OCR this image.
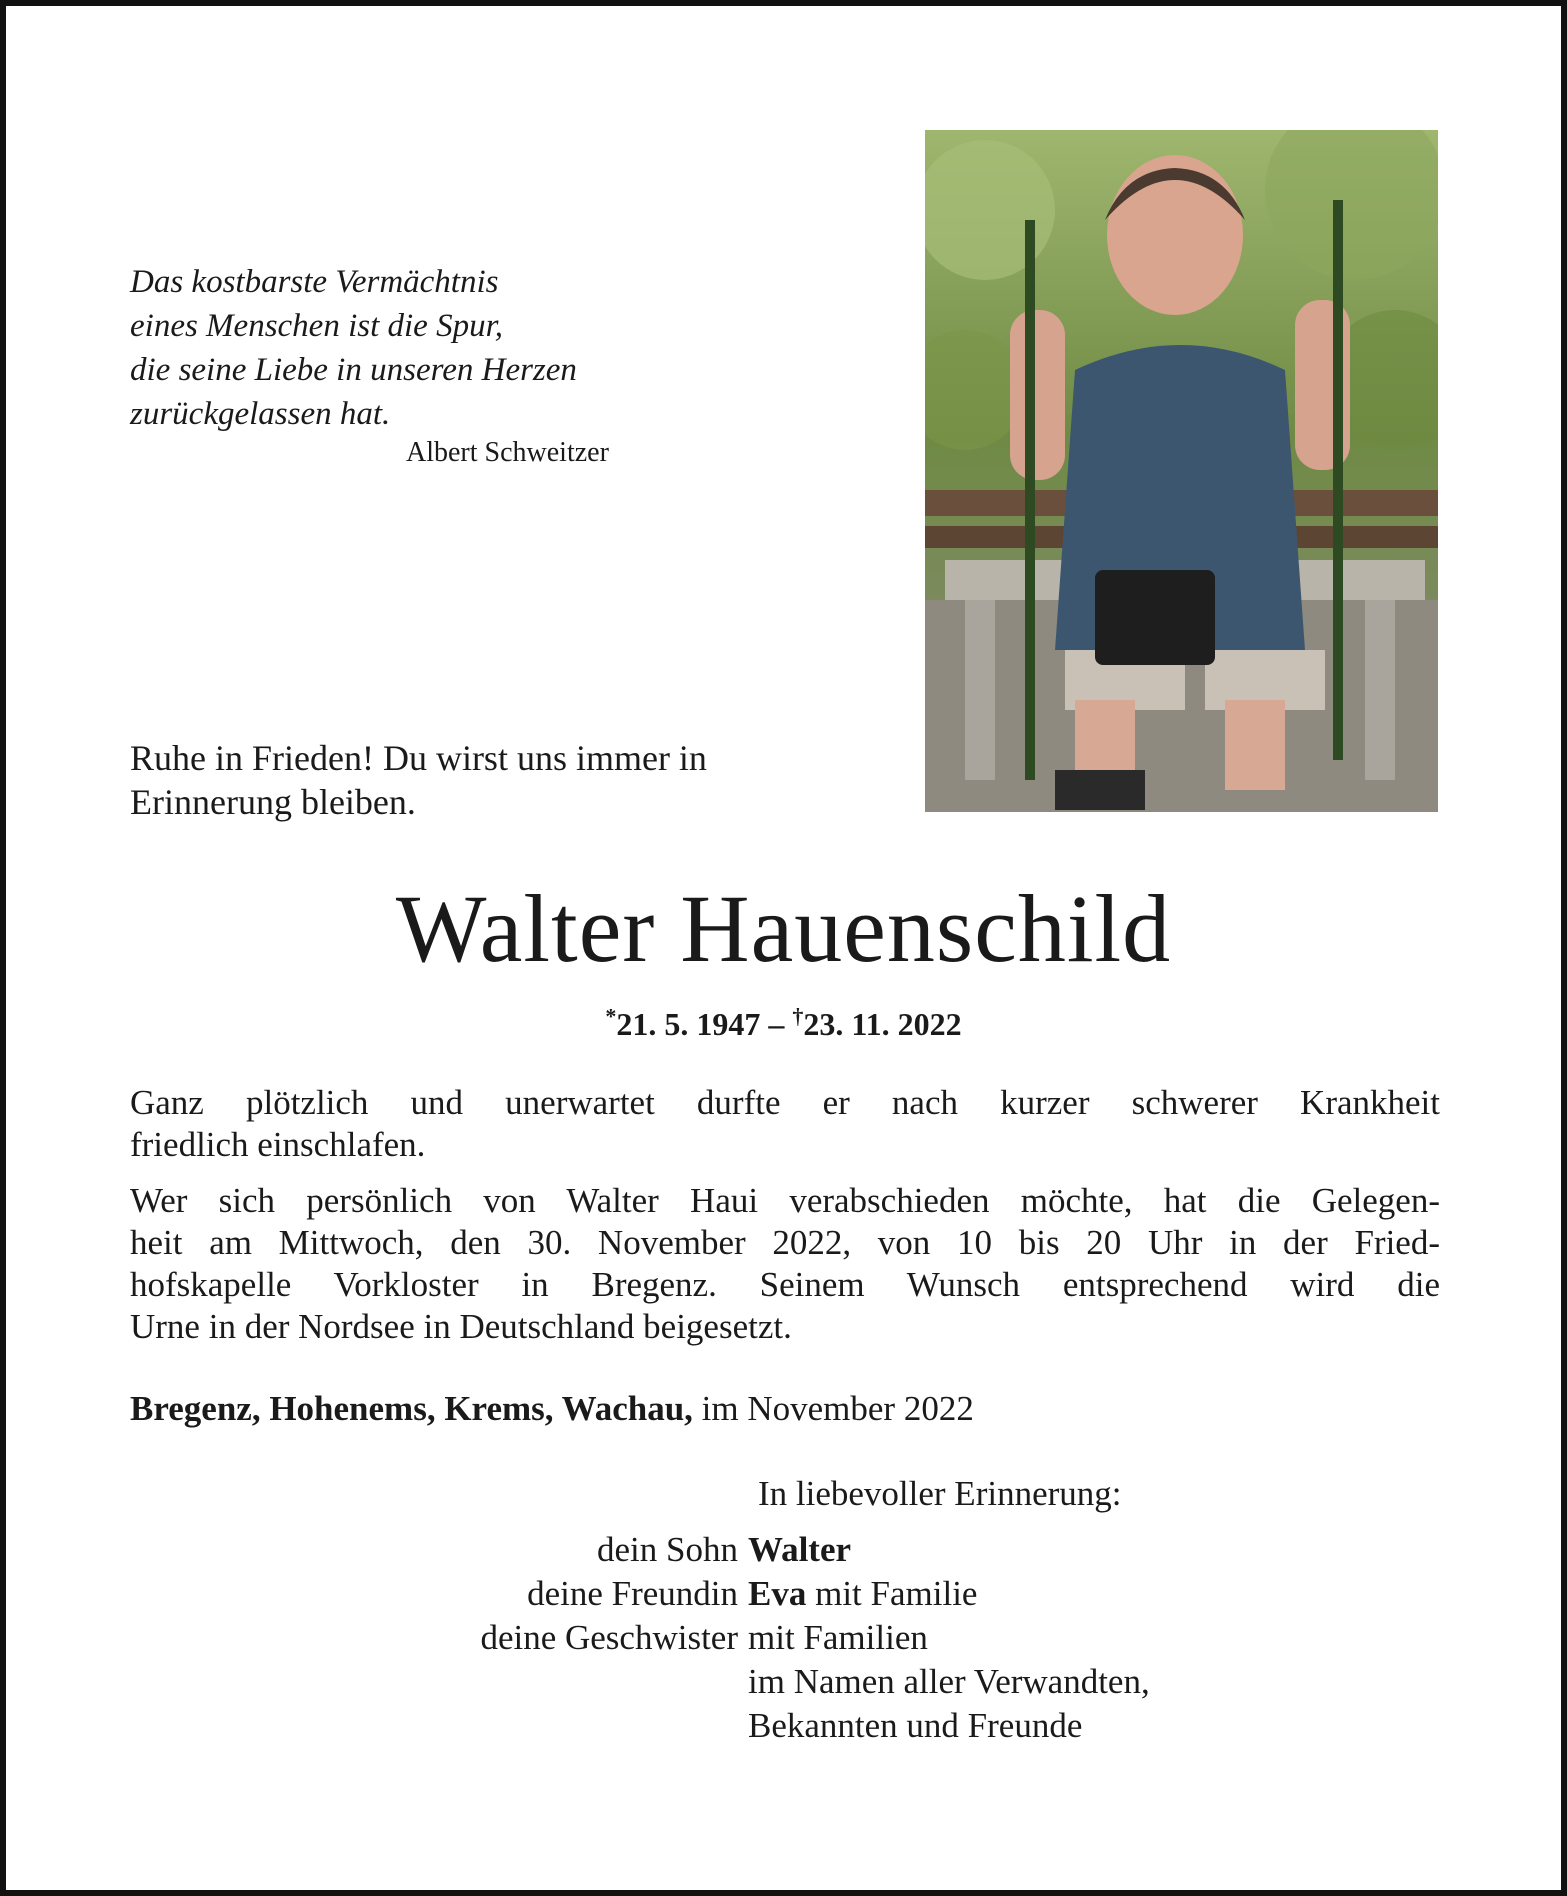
Das kostbarste Vermächtnis
eines Menschen ist die Spur,
die seine Liebe in unseren Herzen
zurückgelassen hat.
Albert Schweitzer
Ruhe in Frieden! Du wirst uns immer in
Erinnerung bleiben.
Walter Hauenschild
*21. 5. 1947 – †23. 11. 2022
Ganz plötzlich und unerwartet durfte er nach kurzer schwerer Krankheit
friedlich einschlafen.
Wer sich persönlich von Walter Haui verabschieden möchte, hat die Gelegen-
heit am Mittwoch, den 30. November 2022, von 10 bis 20 Uhr in der Fried-
hofskapelle Vorkloster in Bregenz. Seinem Wunsch entsprechend wird die
Urne in der Nordsee in Deutschland beigesetzt.
Bregenz, Hohenems, Krems, Wachau, im November 2022
In liebevoller Erinnerung:
dein Sohn Walter
deine Freundin Eva mit Familie
deine Geschwister mit Familien
im Namen aller Verwandten,
Bekannten und Freunde
